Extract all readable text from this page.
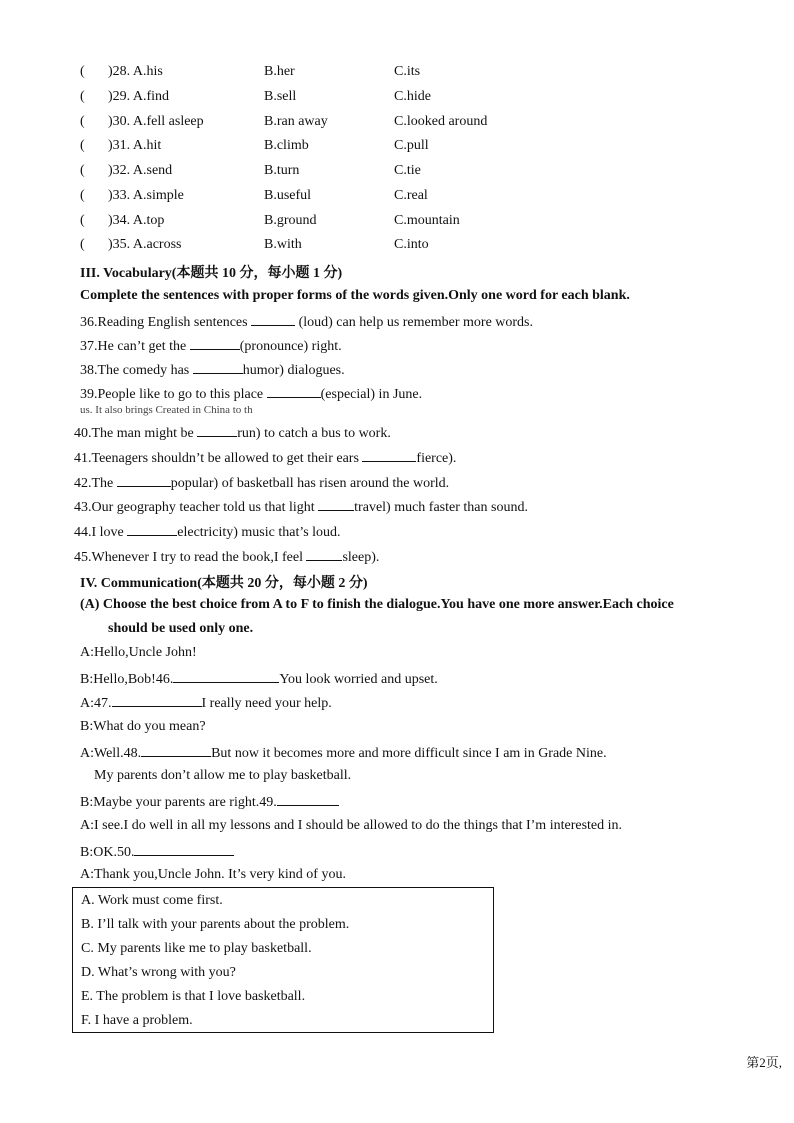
( )28. A.his	B.her	C.its
( )29. A.find	B.sell	C.hide
( )30. A.fell asleep	B.ran away	C.looked around
( )31. A.hit	B.climb	C.pull
( )32. A.send	B.turn	C.tie
( )33. A.simple	B.useful	C.real
( )34. A.top	B.ground	C.mountain
( )35. A.across	B.with	C.into
III. Vocabulary(本题共 10 分，每小题 1 分)
Complete the sentences with proper forms of the words given.Only one word for each blank.
36.Reading English sentences	(loud) can help us remember more words.
37.He can’t get the	(pronounce) right.
38.The comedy has	humor) dialogues.
39.People like to go to this place	(especial) in June.
us. It also brings Created in China to th
40.The man might be	run) to catch a bus to work.
41.Teenagers shouldn’t be allowed to get their ears	fierce).
42.The	popular) of basketball has risen around the world.
43.Our geography teacher told us that light	travel) much faster than sound.
44.I love	electricity) music that’s loud.
45.Whenever I try to read the book,I feel	sleep).
IV. Communication(本题共 20 分，每小题 2 分)
(A) Choose the best choice from A to F to finish the dialogue.You have one more answer.Each choice
should be used only one.
A:Hello,Uncle John!
B:Hello,Bob!46.	You look worried and upset.
A:47.	I really need your help.
B:What do you mean?
A:Well.48.	But now it becomes more and more difficult since I am in Grade Nine.
My parents don’t allow me to play basketball.
B:Maybe your parents are right.49.
A:I see.I do well in all my lessons and I should be allowed to do the things that I’m interested in.
B:OK.50.
A:Thank you,Uncle John. It’s very kind of you.
A. Work must come first.
B. I’ll talk with your parents about the problem.
C. My parents like me to play basketball.
D. What’s wrong with you?
E. The problem is that I love basketball.
F. I have a problem.
第2页,
